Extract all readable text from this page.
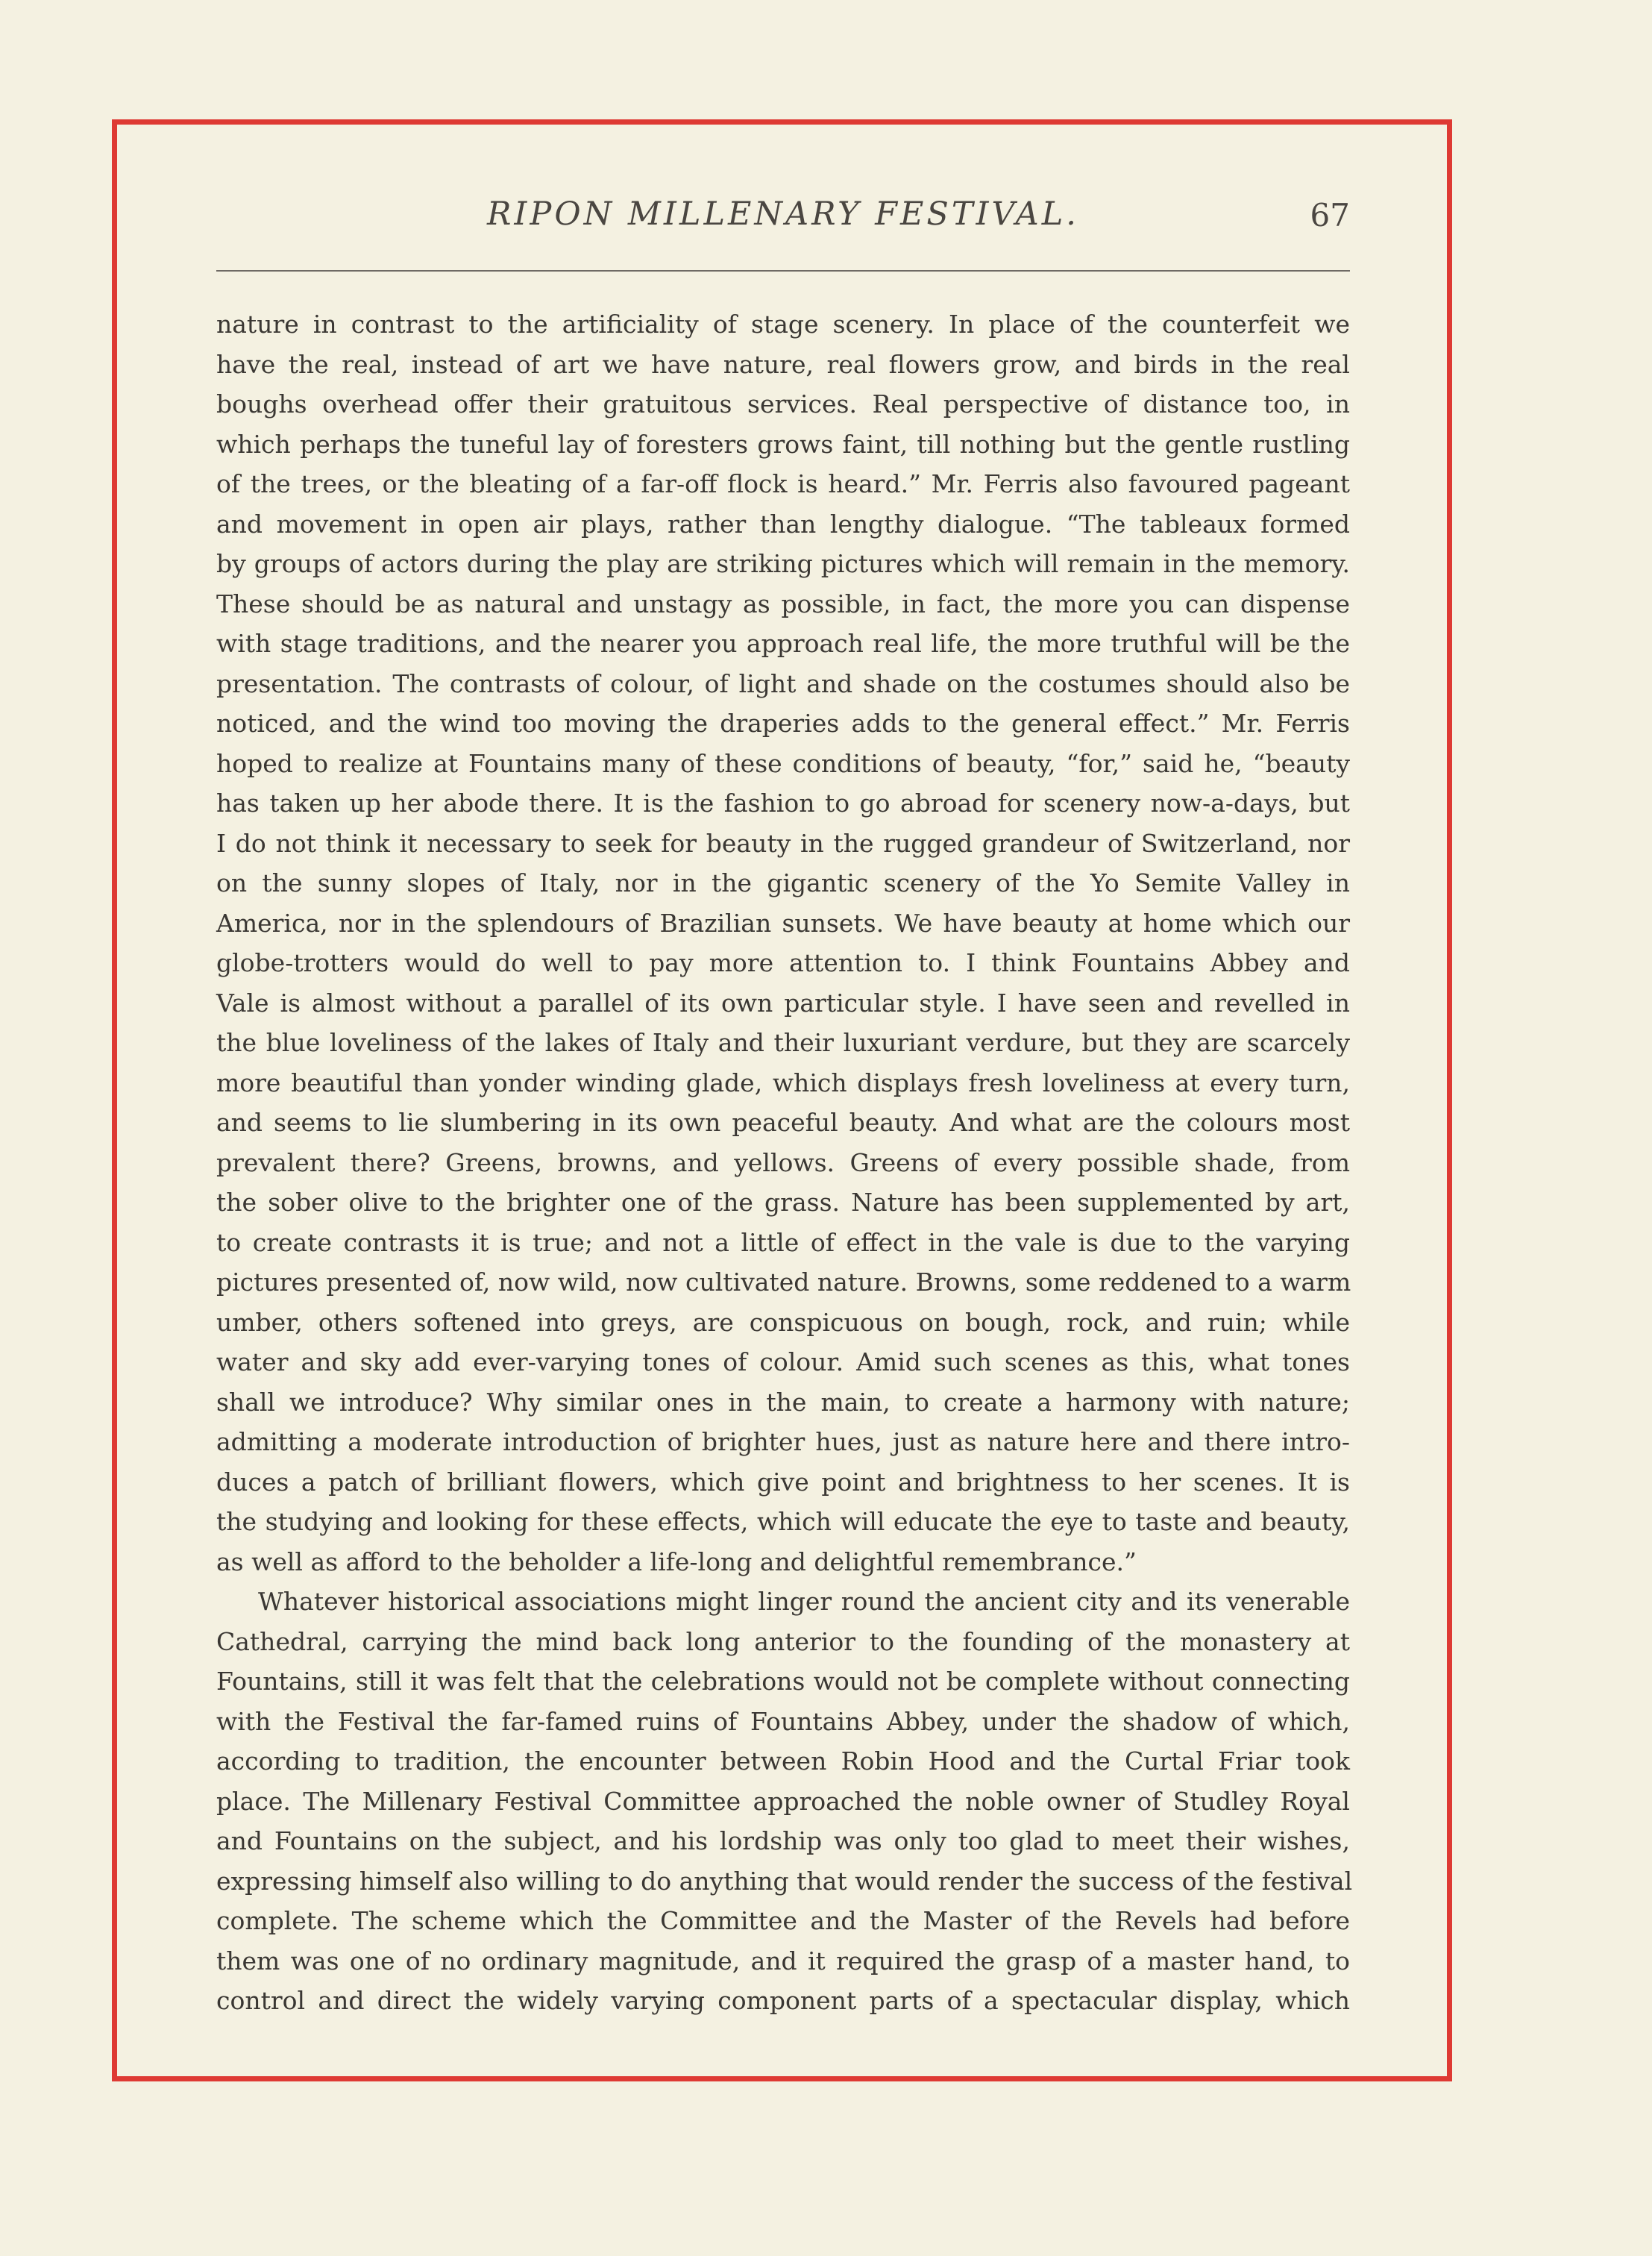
RIPON MILLENARY FESTIVAL.	67
nature in contrast to the artificiality of stage scenery. In place of the counterfeit we
have the real, instead of art we have nature, real flowers grow, and birds in the real
boughs overhead offer their gratuitous services. Real perspective of distance too, in
which perhaps the tuneful lay of foresters grows faint, till nothing but the gentle rustling
of the trees, or the bleating of a far-off flock is heard.” Mr. Ferris also favoured pageant
and movement in open air plays, rather than lengthy dialogue. “The tableaux formed
by groups of actors during the play are striking pictures which will remain in the memory.
These should be as natural and unstagy as possible, in fact, the more you can dispense
with stage traditions, and the nearer you approach real life, the more truthful will be the
presentation. The contrasts of colour, of light and shade on the costumes should also be
noticed, and the wind too moving the draperies adds to the general effect.” Mr. Ferris
hoped to realize at Fountains many of these conditions of beauty, “for,” said he, “beauty
has taken up her abode there. It is the fashion to go abroad for scenery now-a-days, but
I do not think it necessary to seek for beauty in the rugged grandeur of Switzerland, nor
on the sunny slopes of Italy, nor in the gigantic scenery of the Yo Semite Valley in
America, nor in the splendours of Brazilian sunsets. We have beauty at home which our
globe-trotters would do well to pay more attention to. I think Fountains Abbey and
Vale is almost without a parallel of its own particular style. I have seen and revelled in
the blue loveliness of the lakes of Italy and their luxuriant verdure, but they are scarcely
more beautiful than yonder winding glade, which displays fresh loveliness at every turn,
and seems to lie slumbering in its own peaceful beauty. And what are the colours most
prevalent there? Greens, browns, and yellows. Greens of every possible shade, from
the sober olive to the brighter one of the grass. Nature has been supplemented by art,
to create contrasts it is true; and not a little of effect in the vale is due to the varying
pictures presented of, now wild, now cultivated nature. Browns, some reddened to a warm
umber, others softened into greys, are conspicuous on bough, rock, and ruin; while
water and sky add ever-varying tones of colour. Amid such scenes as this, what tones
shall we introduce? Why similar ones in the main, to create a harmony with nature;
admitting a moderate introduction of brighter hues, just as nature here and there intro-
duces a patch of brilliant flowers, which give point and brightness to her scenes. It is
the studying and looking for these effects, which will educate the eye to taste and beauty,
as well as afford to the beholder a life-long and delightful remembrance.”
Whatever historical associations might linger round the ancient city and its venerable
Cathedral, carrying the mind back long anterior to the founding of the monastery at
Fountains, still it was felt that the celebrations would not be complete without connecting
with the Festival the far-famed ruins of Fountains Abbey, under the shadow of which,
according to tradition, the encounter between Robin Hood and the Curtal Friar took
place. The Millenary Festival Committee approached the noble owner of Studley Royal
and Fountains on the subject, and his lordship was only too glad to meet their wishes,
expressing himself also willing to do anything that would render the success of the festival
complete. The scheme which the Committee and the Master of the Revels had before
them was one of no ordinary magnitude, and it required the grasp of a master hand, to
control and direct the widely varying component parts of a spectacular display, which
